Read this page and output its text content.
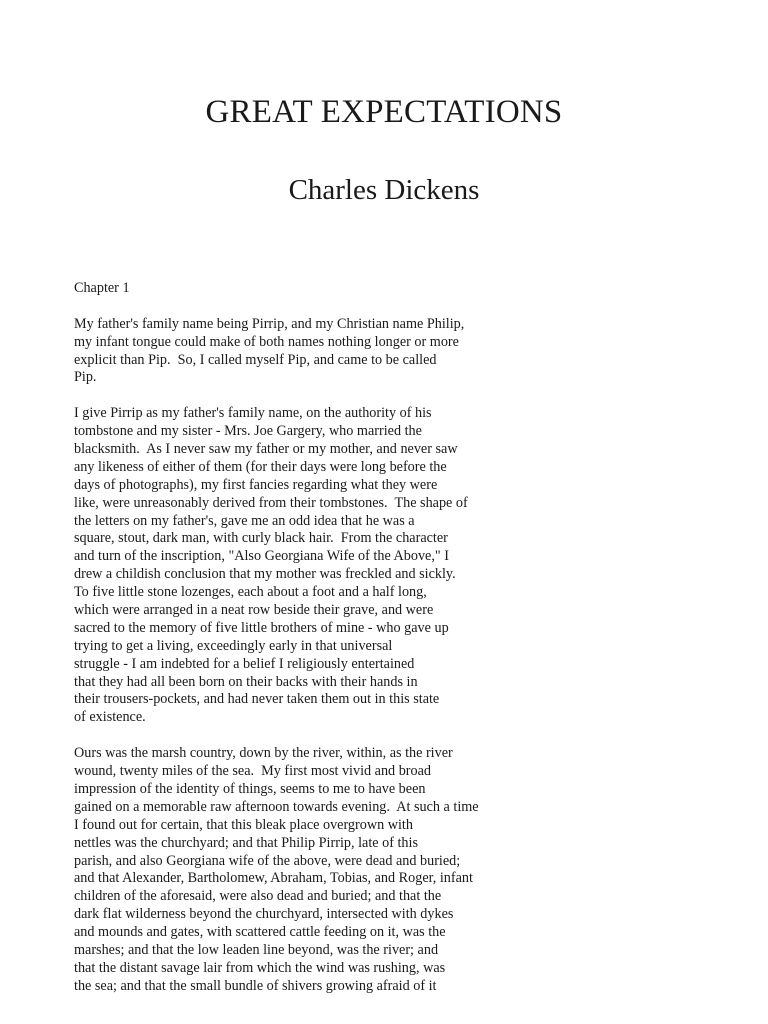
GREAT EXPECTATIONS
Charles Dickens

Chapter 1

My father's family name being Pirrip, and my Christian name Philip,
my infant tongue could make of both names nothing longer or more
explicit than Pip.  So, I called myself Pip, and came to be called
Pip.

I give Pirrip as my father's family name, on the authority of his
tombstone and my sister - Mrs. Joe Gargery, who married the
blacksmith.  As I never saw my father or my mother, and never saw
any likeness of either of them (for their days were long before the
days of photographs), my first fancies regarding what they were
like, were unreasonably derived from their tombstones.  The shape of
the letters on my father's, gave me an odd idea that he was a
square, stout, dark man, with curly black hair.  From the character
and turn of the inscription, "Also Georgiana Wife of the Above," I
drew a childish conclusion that my mother was freckled and sickly.
To five little stone lozenges, each about a foot and a half long,
which were arranged in a neat row beside their grave, and were
sacred to the memory of five little brothers of mine - who gave up
trying to get a living, exceedingly early in that universal
struggle - I am indebted for a belief I religiously entertained
that they had all been born on their backs with their hands in
their trousers-pockets, and had never taken them out in this state
of existence.

Ours was the marsh country, down by the river, within, as the river
wound, twenty miles of the sea.  My first most vivid and broad
impression of the identity of things, seems to me to have been
gained on a memorable raw afternoon towards evening.  At such a time
I found out for certain, that this bleak place overgrown with
nettles was the churchyard; and that Philip Pirrip, late of this
parish, and also Georgiana wife of the above, were dead and buried;
and that Alexander, Bartholomew, Abraham, Tobias, and Roger, infant
children of the aforesaid, were also dead and buried; and that the
dark flat wilderness beyond the churchyard, intersected with dykes
and mounds and gates, with scattered cattle feeding on it, was the
marshes; and that the low leaden line beyond, was the river; and
that the distant savage lair from which the wind was rushing, was
the sea; and that the small bundle of shivers growing afraid of it
